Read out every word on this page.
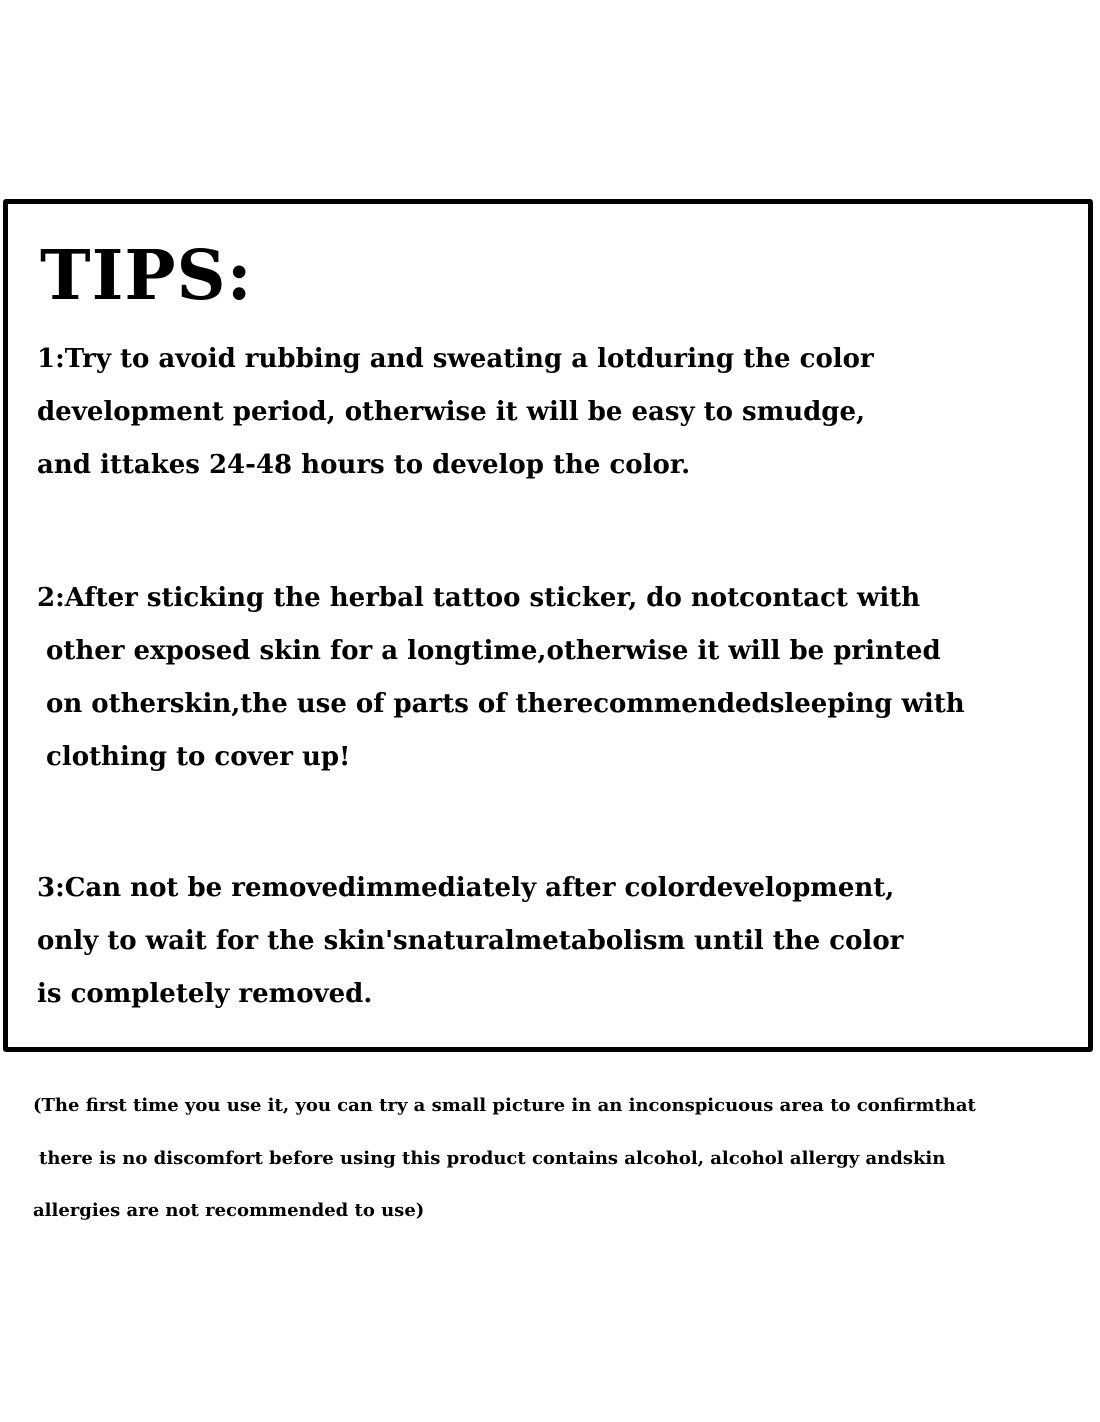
TIPS:

1:Try to avoid rubbing and sweating a lotduring the color

development period, otherwise it will be easy to smudge,

and ittakes 24-48 hours to develop the color.

2:After sticking the herbal tattoo sticker, do notcontact with

other exposed skin for a longtime,otherwise it will be printed

on otherskin,the use of parts of therecommendedsleeping with

clothing to cover up!

3:Can not be removedimmediately after colordevelopment,

only to wait for the skin'snaturalmetabolism until the color

is completely removed.

(The first time you use it, you can try a small picture in an inconspicuous area to confirmthat

there is no discomfort before using this product contains alcohol, alcohol allergy andskin

allergies are not recommended to use)
